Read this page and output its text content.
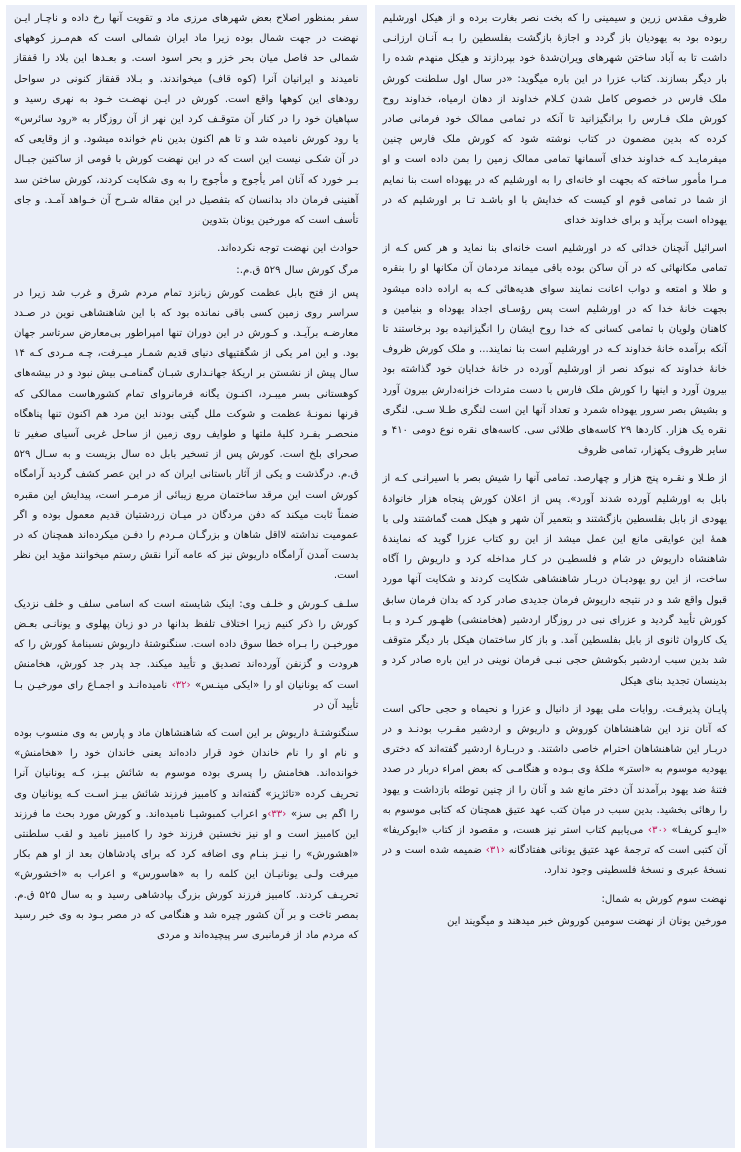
ظروف مقدس زرین و سیمینی را که بخت نصر بغارت برده و از هیکل اورشلیم ربوده بود به یهودیان باز گردد و اجازهٔ بازگشت بفلسطین را بـه آنـان ارزانـی داشت تا به آباد ساختن شهرهای ویران‌شدهٔ خود بپردازند و هیکل منهدم شده را بار دیگر بسازند. کتاب عزرا در این باره میگوید: «در سال اول سلطنت کورش ملک فارس در خصوص کامل شدن کـلام خداوند از دهان ارمیاه، خداوند روح کورش ملک فـارس را برانگیزانید تا آنکه در تمامی ممالک خود فرمانی صادر کرده که بدین مضمون در کتاب نوشته شود که کورش ملک فارس چنین میفرمایـد کـه خداوند خدای آسمانها تمامی ممالک زمین را بمن داده است و او مـرا مأمور ساخته که بجهت او خانه‌ای را به اورشلیم که در یهوداه است بنا نمایم از شما در تمامی قوم او کیست که خدایش با او باشـد تـا بر اورشلیم که در یهوداه است برآید و برای خداوند خدای

اسرائیل آنچنان خدائی که در اورشلیم است خانه‌ای بنا نماید و هر کس کـه از تمامی مکانهائی که در آن ساکن بوده باقی میماند مردمان آن مکانها او را بنقره و طلا و امتعه و دواب اعانت نمایند سوای هدیه‌هائی کـه به اراده داده میشود بجهت خانهٔ خدا که در اورشلیم است پس رؤسـای اجداد یهوداه و بنیامین و کاهنان ولویان با تمامی کسانی که خدا روح ایشان را انگیزانیده بود برخاستند تا آنکه برآمده خانهٔ خداوند کـه در اورشلیم است بنا نمایند... و ملک کورش ظروف خانهٔ خداوند که نبوکد نصر از اورشلیم آورده در خانهٔ خدایان خود گذاشته بود بیرون آورد و اینها را کورش ملک فارس با دست متردات خزانه‌دارش بیرون آورد و بشیش بصر سرور یهوداه شمرد و تعداد آنها این است لنگری طـلا سـی. لنگری نقره یک هزار. کاردها ۲۹ کاسه‌های طلائی سی. کاسه‌های نقره نوع دومی ۴۱۰ و سایر ظروف یکهزار، تمامی ظروف

از طـلا و نقـره پنج هزار و چهارصد. تمامی آنها را شیش بصر با اسیرانـی کـه از بابل به اورشلیم آورده شدند آورد». پس از اعلان کورش پنجاه هزار خانوادهٔ یهودی از بابل بفلسطین بازگشتند و بتعمیر آن شهر و هیکل همت گماشتند ولی با همهٔ این عوایقی مانع این عمل میشد از این رو کتاب عزرا گوید که نمایندهٔ شاهنشاه داریوش در شام و فلسطیـن در کـار مداخله کرد و داریوش را آگاه ساخت، از این رو یهودیـان دربـار شاهنشاهی شکایت کردند و شکایت آنها مورد قبول واقع شد و در نتیجه داریوش فرمان جدیدی صادر کرد که بدان فرمان سابق کورش تأیید گردید و عزرای نبی در روزگار اردشیر (هخامنشی) ظهـور کـرد و بـا یک کاروان ثانوی از بابل بفلسطین آمد. و باز کار ساختمان هیکل بار دیگر متوقف شد بدین سبب اردشیر بکوشش حجی نبـی فرمان نوینی در این باره صادر کرد و بدینسان تجدید بنای هیکل

پایـان پذیرفـت. روایات ملی یهود از دانیال و عزرا و نحیماه و حجی حاکی است که آنان نزد این شاهنشاهان کوروش و داریوش و اردشیر مقـرب بودنـد و در دربـار این شاهنشاهان احترام خاصی داشتند. و دربـارهٔ اردشیر گفته‌اند که دختری یهودیه موسوم به «استر» ملکهٔ وی بـوده و هنگامـی که بعض امراء دربار در صدد فتنهٔ ضد یهود برآمدند آن دختر مانع شد و آنان را از چنین توطئه بازداشت و یهود را رهائی بخشید. بدین سبب در میان کتب عهد عتیق همچنان که کتابی موسوم به «ایـو کریفـا» ‹۳۰› می‌یابیم کتاب استر نیز هست، و مقصود از کتاب «ایوکریفا» آن کتبی است که ترجمهٔ عهد عتیق یونانی هفتادگانه ‹۳۱› ضمیمه شده است و در نسخهٔ عبری و نسخهٔ فلسطینی وجود ندارد.

نهضت سوم کورش به شمال:

مورخین یونان از نهضت سومین کوروش خبر میدهند و میگویند این

سفر بمنظور اصلاح بعض شهرهای مرزی ماد و تقویت آنها رخ داده و ناچـار ایـن نهضت در جهت شمال بوده زیرا ماد ایران شمالی است که هم‌مـرز کوههای شمالی حد فاصل میان بحر خزر و بحر اسود است. و بعـدها این بلاد را قفقاز نامیدند و ایرانیان آنرا (کوه قاف) میخواندند. و بـلاد قفقاز کنونی در سواحل رودهای این کوهها واقع است. کورش در ایـن نهضـت خـود به نهری رسید و سپاهیان خود را در کنار آن متوقـف کرد این نهر از آن روزگار به «رود سائرس» یا رود کورش نامیده شد و تا هم اکنون بدین نام خوانده میشود. و از وقایعی که در آن شکـی نیست این است که در این نهضت کورش با قومی از ساکنین جبـال بـر خورد که آنان امر یأجوج و مأجوج را به وی شکایت کردند، کورش ساختن سد آهنینی فرمان داد بدانسان که بتفصیل در این مقاله شـرح آن خـواهد آمـد. و جای تأسف است که مورخین یونان بتدوین

حوادث این نهضت توجه نکرده‌اند.

مرگ کورش سال ۵۲۹ ق.م.:

پس از فتح بابل عظمت کورش زبانزد تمام مردم شرق و غرب شد زیرا در سراسر روی زمین کسی باقی نمانده بود که با این شاهنشاهی نوین در صـدد معارضـه برآیـد. و کـورش در این دوران تنها امپراطور بی‌معارض سرتاسر جهان بود. و این امر یکی از شگفتیهای دنیای قدیم شمـار میـرفت، چـه مـردی کـه ۱۴ سال پیش از نشستن بر اریکهٔ جهانـداری شبـان گمنامـی بیش نبود و در بیشه‌های کوهستانی بسر میبـرد، اکنـون یگانه فرمانروای تمام کشورهاست ممالکی که قرنها نمونـهٔ عظمت و شوکت ملل گیتی بودند این مرد هم اکنون تنها پناهگاه منحصـر بفـرد کلیهٔ ملتها و طوایف روی زمین از ساحل غربی آسیای صغیر تا صحرای بلخ است. کورش پس از تسخیر بابل ده سال بزیست و به سـال ۵۲۹ ق.م. درگذشت و یکی از آثار باستانی ایران که در این عصر کشف گردید آرامگاه کورش است این مرقد ساختمان مربع زیبائی از مرمـر است، پیدایش این مقبره ضمناً ثابت میکند که دفن مردگان در میـان زردشتیان قدیم معمول بوده و اگر عمومیت نداشته لااقل شاهان و بزرگـان مـردم را دفـن میکرده‌اند همچنان که در بدست آمدن آرامگاه داریوش نیز که عامه آنرا نقش رستم میخوانند مؤید این نظر است.

سلـف کـورش و خلـف وی: اینک شایسته است که اسامی سلف و خلف نزدیک کورش را ذکر کنیم زیرا اختلاف تلفظ بدانها در دو زبان پهلوی و یونانـی بعـض مورخیـن را بـراه خطا سوق داده است. سنگنوشتهٔ داریوش نسبنامهٔ کورش را که هرودت و گزنفن آورده‌اند تصدیق و تأیید میکند. جد پدر جد کورش، هخامنش است که یونانیان او را «ایکی مینـس» ‹۳۲› نامیده‌انـد و اجمـاع رای مورخیـن بـا تأیید آن در

سنگنوشتـهٔ داریوش بر این است که شاهنشاهان ماد و پارس به وی منسوب بوده و نام او را نام خاندان خود قرار داده‌اند یعنی خاندان خود را «هخامنش» خوانده‌اند. هخامنش را پسری بوده موسوم به شائش بیـز، کـه یونانیان آنرا تحریف کرده «تائژیز» گفته‌اند و کامبیز فرزند شائش بیـز اسـت کـه یونانیان وی را اگم بی سز» ‹۳۳›و اعراب کمبوشیـا نامیده‌اند. و کورش مورد بحث ما فرزند این کامبیز است و او نیز نخستین فرزند خود را کامبیز نامید و لقب سلطنتی «اهشورش» را نیـز بنـام وی اضافه کرد که برای پادشاهان بعد از او هم بکار میرفت ولـی یونانیـان این کلمه را به «هاسورس» و اعراب به «اخشورش» تحریـف کردند. کامبیز فرزند کورش بزرگ بپادشاهی رسید و به سال ۵۲۵ ق.م. بمصر تاخت و بر آن کشور چیره شد و هنگامی که در مصر بـود به وی خبر رسید که مردم ماد از فرمانبری سر پیچیده‌اند و مردی
